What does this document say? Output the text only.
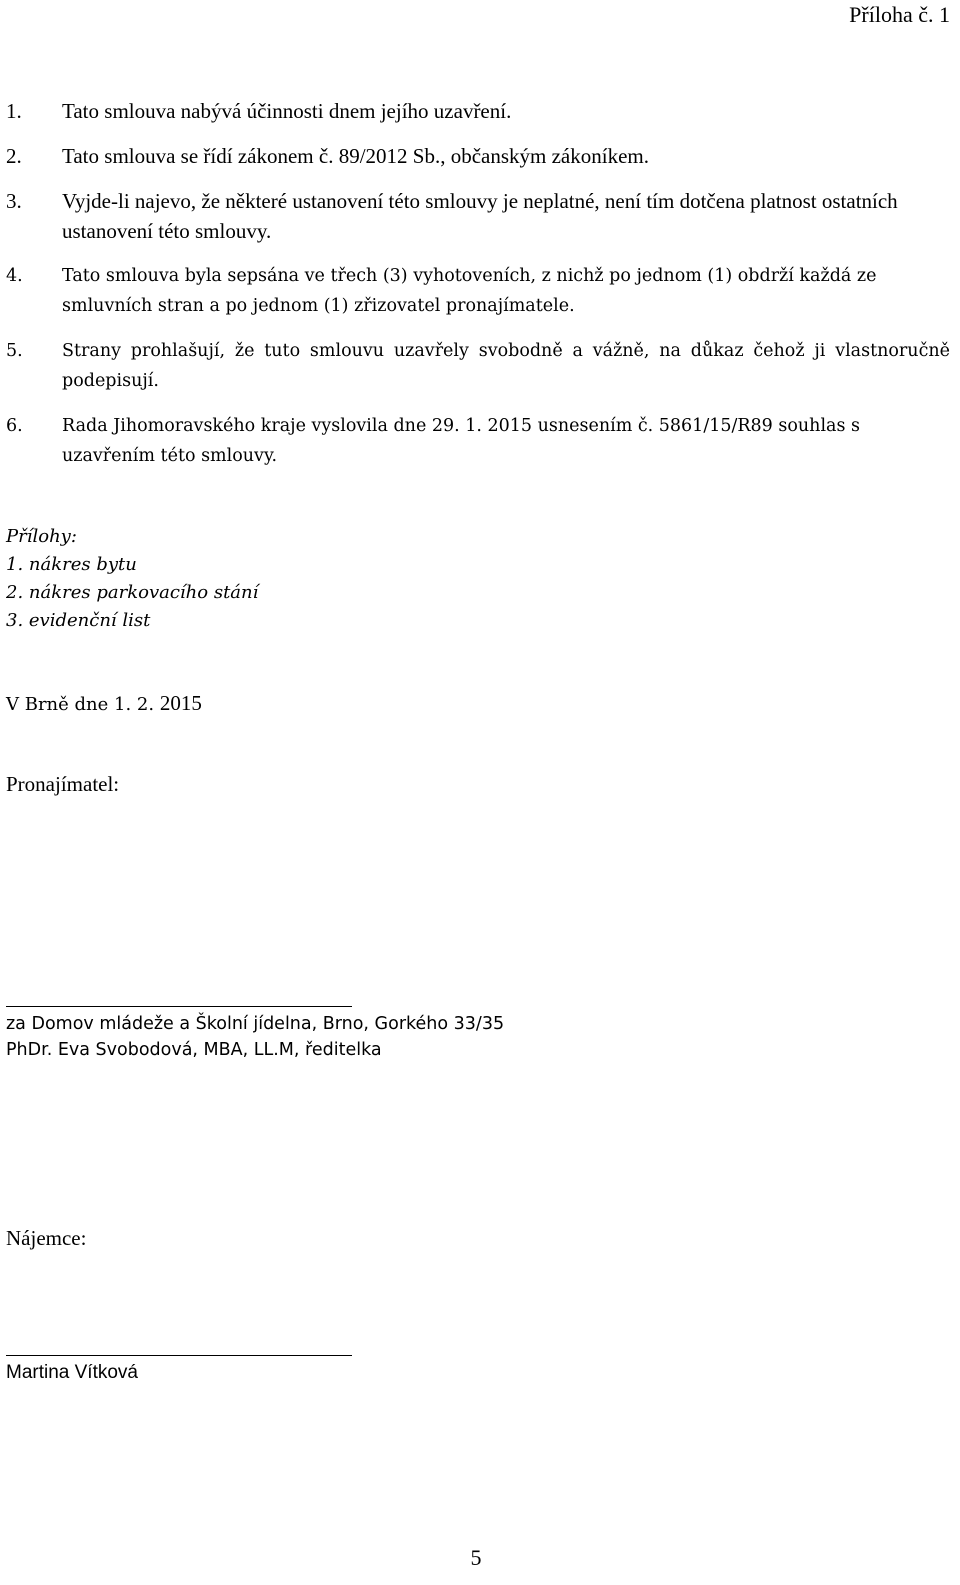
Příloha č. 1
1. Tato smlouva nabývá účinnosti dnem jejího uzavření.
2. Tato smlouva se řídí zákonem č. 89/2012 Sb., občanským zákoníkem.
3. Vyjde-li najevo, že některé ustanovení této smlouvy je neplatné, není tím dotčena platnost ostatních ustanovení této smlouvy.
4. Tato smlouva byla sepsána ve třech (3) vyhotoveních, z nichž po jednom (1) obdrží každá ze smluvních stran a po jednom (1) zřizovatel pronajímatele.
5. Strany prohlašují, že tuto smlouvu uzavřely svobodně a vážně, na důkaz čehož ji vlastnoručně podepisují.
6. Rada Jihomoravského kraje vyslovila dne 29. 1. 2015 usnesením č. 5861/15/R89 souhlas s uzavřením této smlouvy.
Přílohy:
1. nákres bytu
2. nákres parkovacího stání
3. evidenční list
V Brně dne 1. 2. 2015
Pronajímatel:
za Domov mládeže a Školní jídelna, Brno, Gorkého 33/35
PhDr. Eva Svobodová, MBA, LL.M, ředitelka
Nájemce:
Martina Vítková
5
